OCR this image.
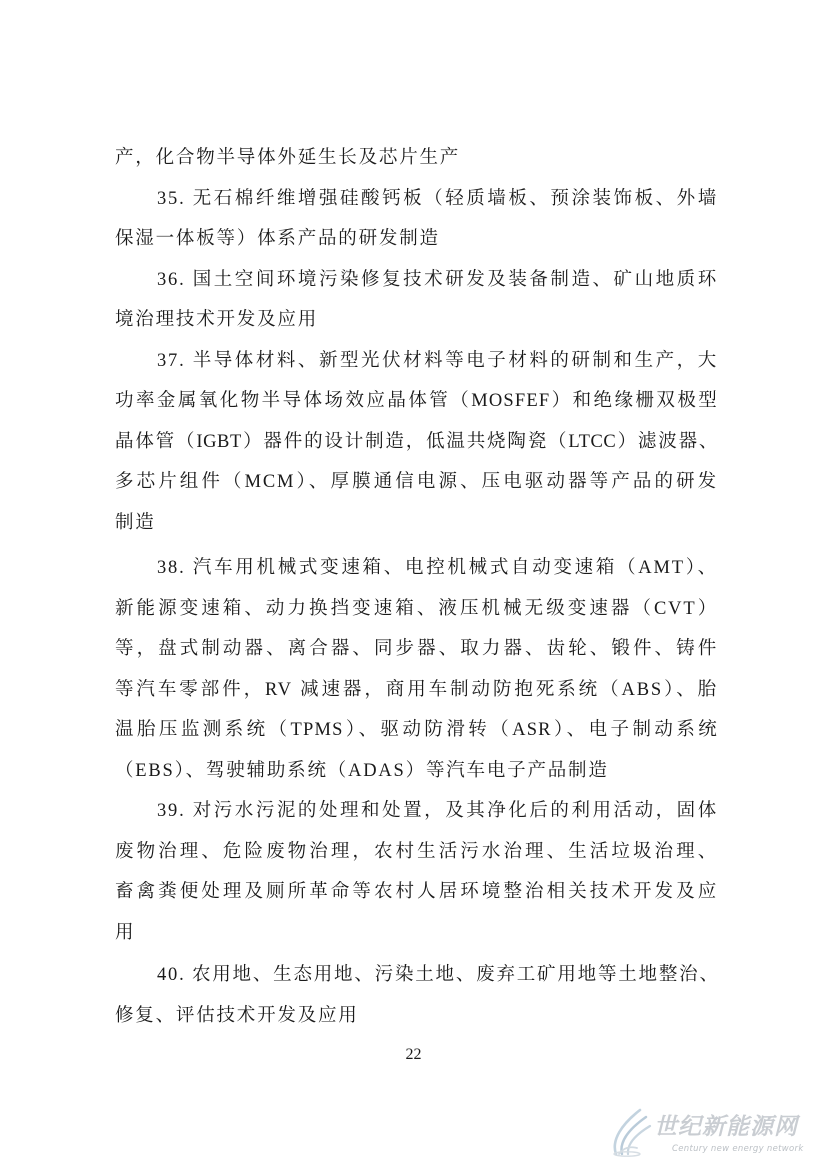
产，化合物半导体外延生长及芯片生产
35. 无石棉纤维增强硅酸钙板（轻质墙板、预涂装饰板、外墙
保湿一体板等）体系产品的研发制造
36. 国土空间环境污染修复技术研发及装备制造、矿山地质环
境治理技术开发及应用
37. 半导体材料、新型光伏材料等电子材料的研制和生产，大
功率金属氧化物半导体场效应晶体管（MOSFEF）和绝缘栅双极型
晶体管（IGBT）器件的设计制造，低温共烧陶瓷（LTCC）滤波器、
多芯片组件（MCM）、厚膜通信电源、压电驱动器等产品的研发
制造
38. 汽车用机械式变速箱、电控机械式自动变速箱（AMT）、
新能源变速箱、动力换挡变速箱、液压机械无级变速器（CVT）
等，盘式制动器、离合器、同步器、取力器、齿轮、锻件、铸件
等汽车零部件，RV 减速器，商用车制动防抱死系统（ABS）、胎
温胎压监测系统（TPMS）、驱动防滑转（ASR）、电子制动系统
（EBS）、驾驶辅助系统（ADAS）等汽车电子产品制造
39. 对污水污泥的处理和处置，及其净化后的利用活动，固体
废物治理、危险废物治理，农村生活污水治理、生活垃圾治理、
畜禽粪便处理及厕所革命等农村人居环境整治相关技术开发及应
用
40. 农用地、生态用地、污染土地、废弃工矿用地等土地整治、
修复、评估技术开发及应用
22
世纪新能源网
Century new energy network
